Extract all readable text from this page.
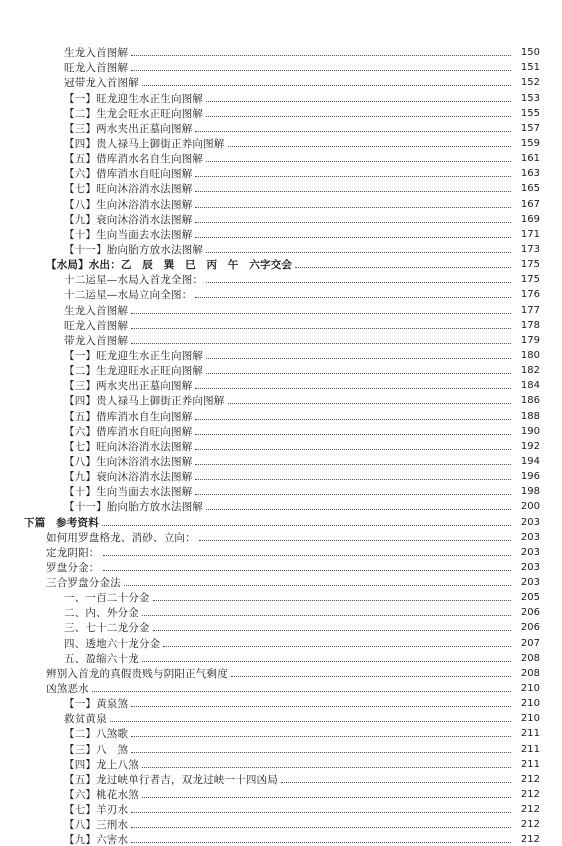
生龙入首图解	150
旺龙入首图解	151
冠带龙入首图解	152
【一】旺龙迎生水正生向图解	153
【二】生龙会旺水正旺向图解	155
【三】两水夹出正墓向图解	157
【四】贵人禄马上御街正养向图解	159
【五】借库消水名自生向图解	161
【六】借库消水自旺向图解	163
【七】旺向沐浴消水法图解	165
【八】生向沐浴消水法图解	167
【九】衰向沐浴消水法图解	169
【十】生向当面去水法图解	171
【十一】胎向胎方放水法图解	173
【水局】水出：乙　辰　巽　巳　丙　午　六字交会	175
十二运星—水局入首龙全图：	175
十二运星—水局立向全图：	176
生龙入首图解	177
旺龙入首图解	178
带龙入首图解	179
【一】旺龙迎生水正生向图解	180
【二】生龙迎旺水正旺向图解	182
【三】两水夹出正墓向图解	184
【四】贵人禄马上御街正养向图解	186
【五】借库消水自生向图解	188
【六】借库消水自旺向图解	190
【七】旺向沐浴消水法图解	192
【八】生向沐浴消水法图解	194
【九】衰向沐浴消水法图解	196
【十】生向当面去水法图解	198
【十一】胎向胎方放水法图解	200
下篇　参考资料	203
如何用罗盘格龙、消砂、立向：	203
定龙阴阳：	203
罗盘分金：	203
三合罗盘分金法	203
一、一百二十分金	205
二、内、外分金	206
三、七十二龙分金	206
四、透地六十龙分金	207
五、盈缩六十龙	208
辨别入首龙的真假贵贱与阴阳正气剩度	208
凶煞恶水	210
【一】黄泉煞	210
救贫黄泉	210
【二】八煞歌	211
【三】八　煞	211
【四】龙上八煞	211
【五】龙过峡单行者吉，双龙过峡一十四凶局	212
【六】桃花水煞	212
【七】羊刃水	212
【八】三刑水	212
【九】六害水	212
